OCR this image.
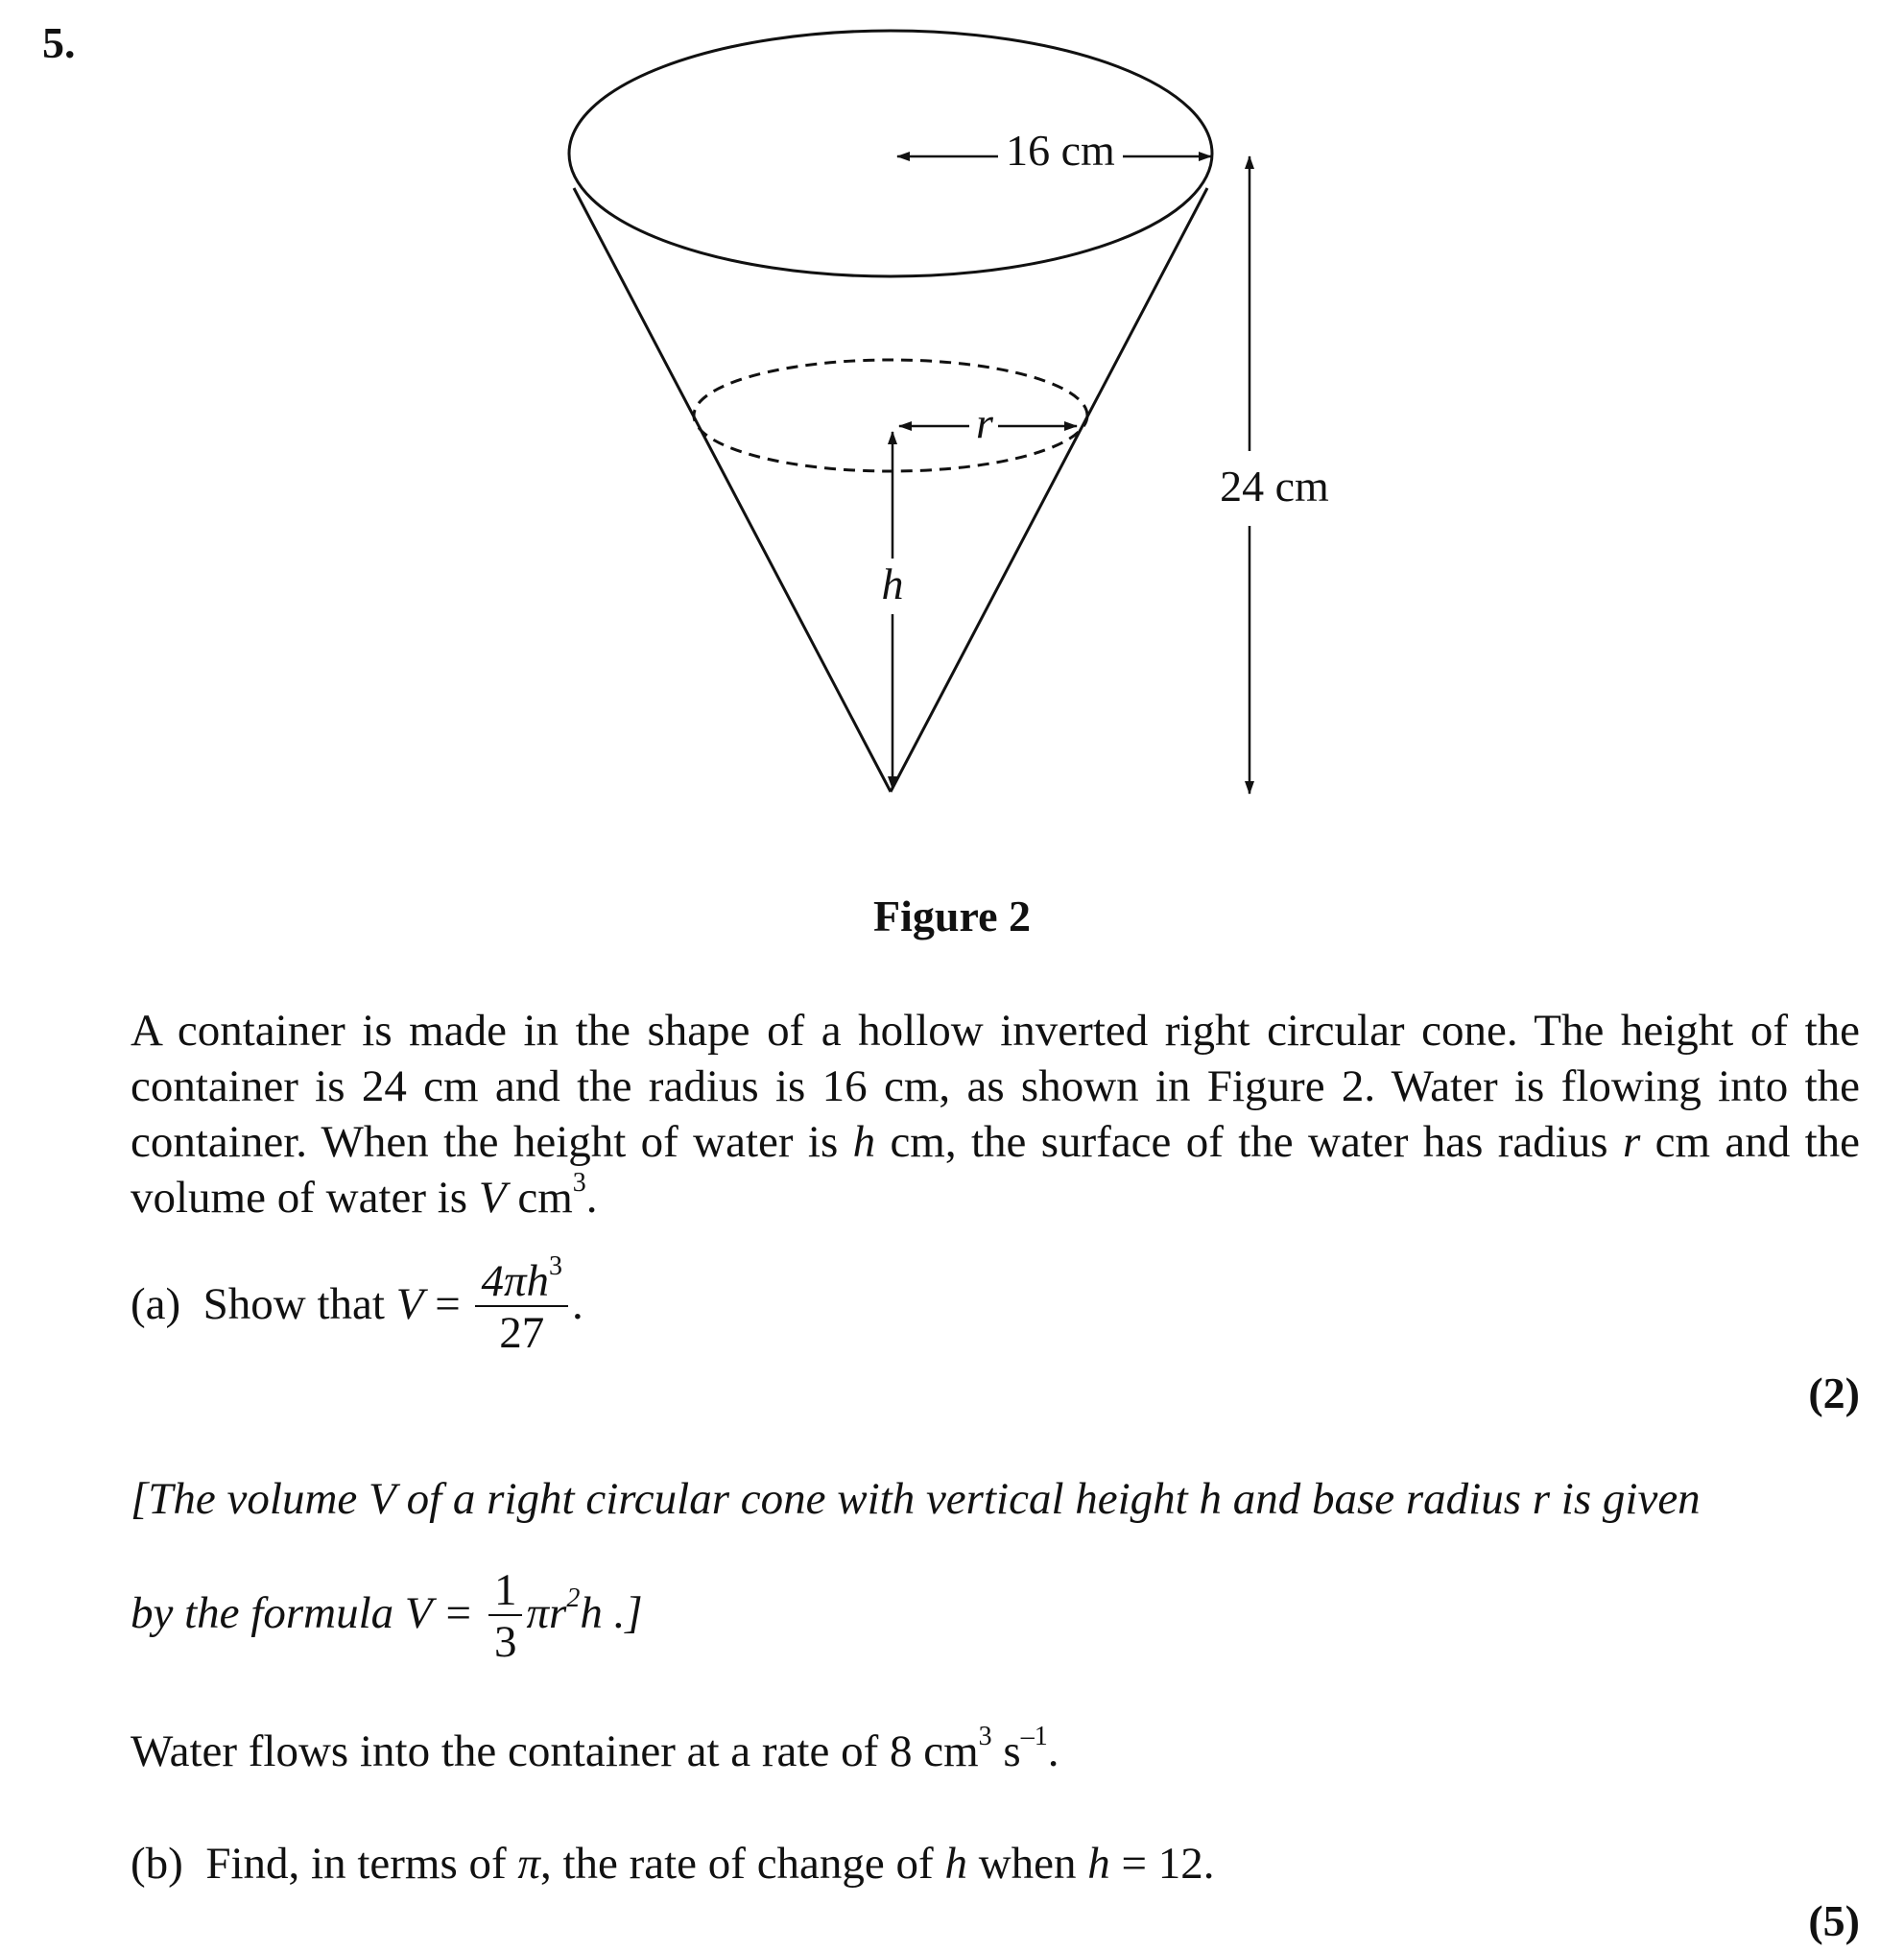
5.
16 cm
r
h
24 cm
Figure 2
A container is made in the shape of a hollow inverted right circular cone. The height of the container is 24 cm and the radius is 16 cm, as shown in Figure 2. Water is flowing into the container. When the height of water is h cm, the surface of the water has radius r cm and the volume of water is V $cm^3$.
(a) Show that $V = \frac{4\pi h^3}{27}$ .
(2)
[The volume V of a right circular cone with vertical height h and base radius r is given
by the formula $V = \frac{1}{3} \pi r^2h$ .]
Water flows into the container at a rate of 8 $cm^3$ $s^{-1}$.
(b) Find, in terms of π, the rate of change of h when h = 12.
(5)
